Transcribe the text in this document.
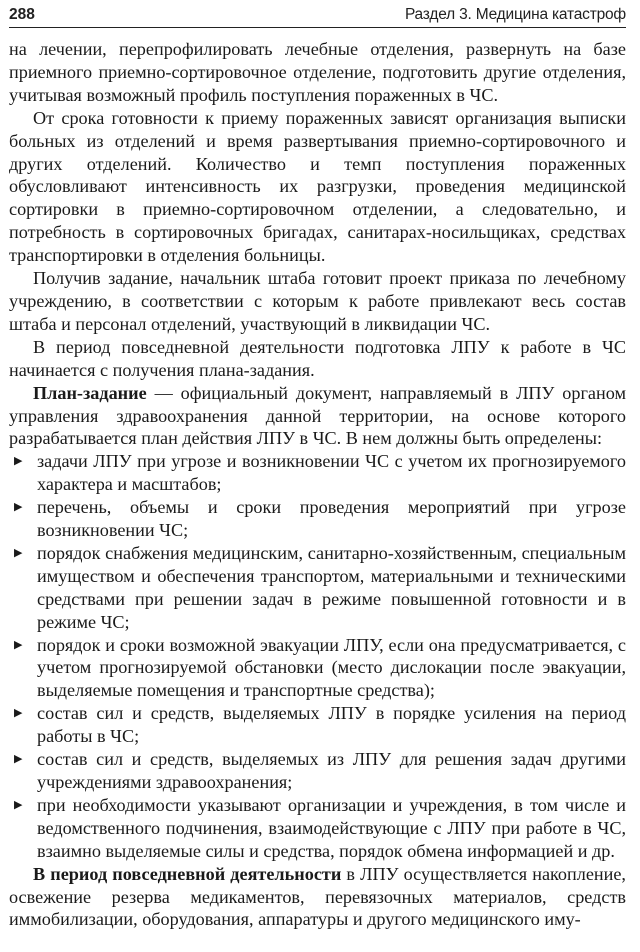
288	Раздел 3. Медицина катастроф

на лечении, перепрофилировать лечебные отделения, развернуть на базе приемного приемно-сортировочное отделение, подготовить другие отделения, учитывая возможный профиль поступления пораженных в ЧС.

От срока готовности к приему пораженных зависят организация выписки больных из отделений и время развертывания приемно-сортировочного и других отделений. Количество и темп поступления пораженных обусловливают интенсивность их разгрузки, проведения медицинской сортировки в приемно-сортировочном отделении, а следовательно, и потребность в сортировочных бригадах, санитарах-носильщиках, средствах транспортировки в отделения больницы.

Получив задание, начальник штаба готовит проект приказа по лечебному учреждению, в соответствии с которым к работе привлекают весь состав штаба и персонал отделений, участвующий в ликвидации ЧС.

В период повседневной деятельности подготовка ЛПУ к работе в ЧС начинается с получения плана-задания.

План-задание — официальный документ, направляемый в ЛПУ органом управления здравоохранения данной территории, на основе которого разрабатывается план действия ЛПУ в ЧС. В нем должны быть определены:

▶ задачи ЛПУ при угрозе и возникновении ЧС с учетом их прогнозируемого характера и масштабов;
▶ перечень, объемы и сроки проведения мероприятий при угрозе возникновении ЧС;
▶ порядок снабжения медицинским, санитарно-хозяйственным, специальным имуществом и обеспечения транспортом, материальными и техническими средствами при решении задач в режиме повышенной готовности и в режиме ЧС;
▶ порядок и сроки возможной эвакуации ЛПУ, если она предусматривается, с учетом прогнозируемой обстановки (место дислокации после эвакуации, выделяемые помещения и транспортные средства);
▶ состав сил и средств, выделяемых ЛПУ в порядке усиления на период работы в ЧС;
▶ состав сил и средств, выделяемых из ЛПУ для решения задач другими учреждениями здравоохранения;
▶ при необходимости указывают организации и учреждения, в том числе и ведомственного подчинения, взаимодействующие с ЛПУ при работе в ЧС, взаимно выделяемые силы и средства, порядок обмена информацией и др.

В период повседневной деятельности в ЛПУ осуществляется накопление, освежение резерва медикаментов, перевязочных материалов, средств иммобилизации, оборудования, аппаратуры и другого медицинского иму-
